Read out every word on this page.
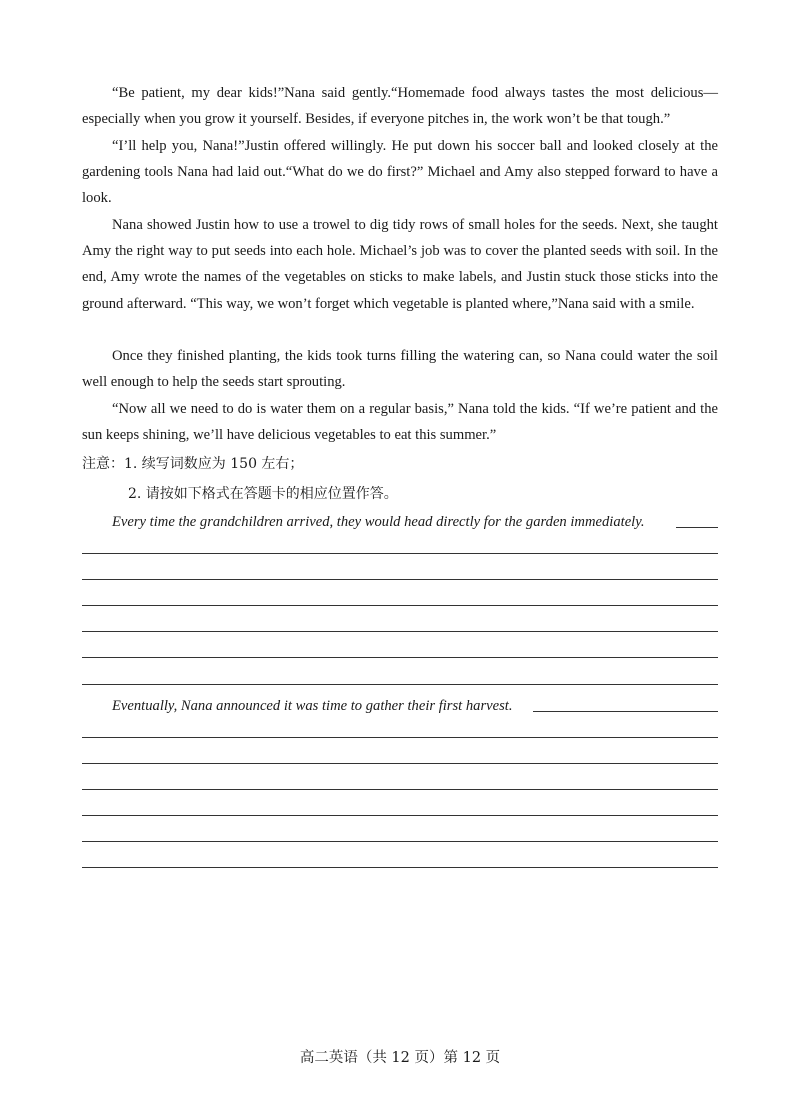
“Be patient, my dear kids!”Nana said gently.“Homemade food always tastes the most delicious—especially when you grow it yourself. Besides, if everyone pitches in, the work won’t be that tough.”

“I’ll help you, Nana!”Justin offered willingly. He put down his soccer ball and looked closely at the gardening tools Nana had laid out.“What do we do first?” Michael and Amy also stepped forward to have a look.

Nana showed Justin how to use a trowel to dig tidy rows of small holes for the seeds. Next, she taught Amy the right way to put seeds into each hole. Michael’s job was to cover the planted seeds with soil. In the end, Amy wrote the names of the vegetables on sticks to make labels, and Justin stuck those sticks into the ground afterward. “This way, we won’t forget which vegetable is planted where,”Nana said with a smile.

Once they finished planting, the kids took turns filling the watering can, so Nana could water the soil well enough to help the seeds start sprouting.

“Now all we need to do is water them on a regular basis,” Nana told the kids. “If we’re patient and the sun keeps shining, we’ll have delicious vegetables to eat this summer.”

注意：1. 续写词数应为 150 左右；

2. 请按如下格式在答题卡的相应位置作答。

Every time the grandchildren arrived, they would head directly for the garden immediately.

Eventually, Nana announced it was time to gather their first harvest.

高二英语（共 12 页）第 12 页
